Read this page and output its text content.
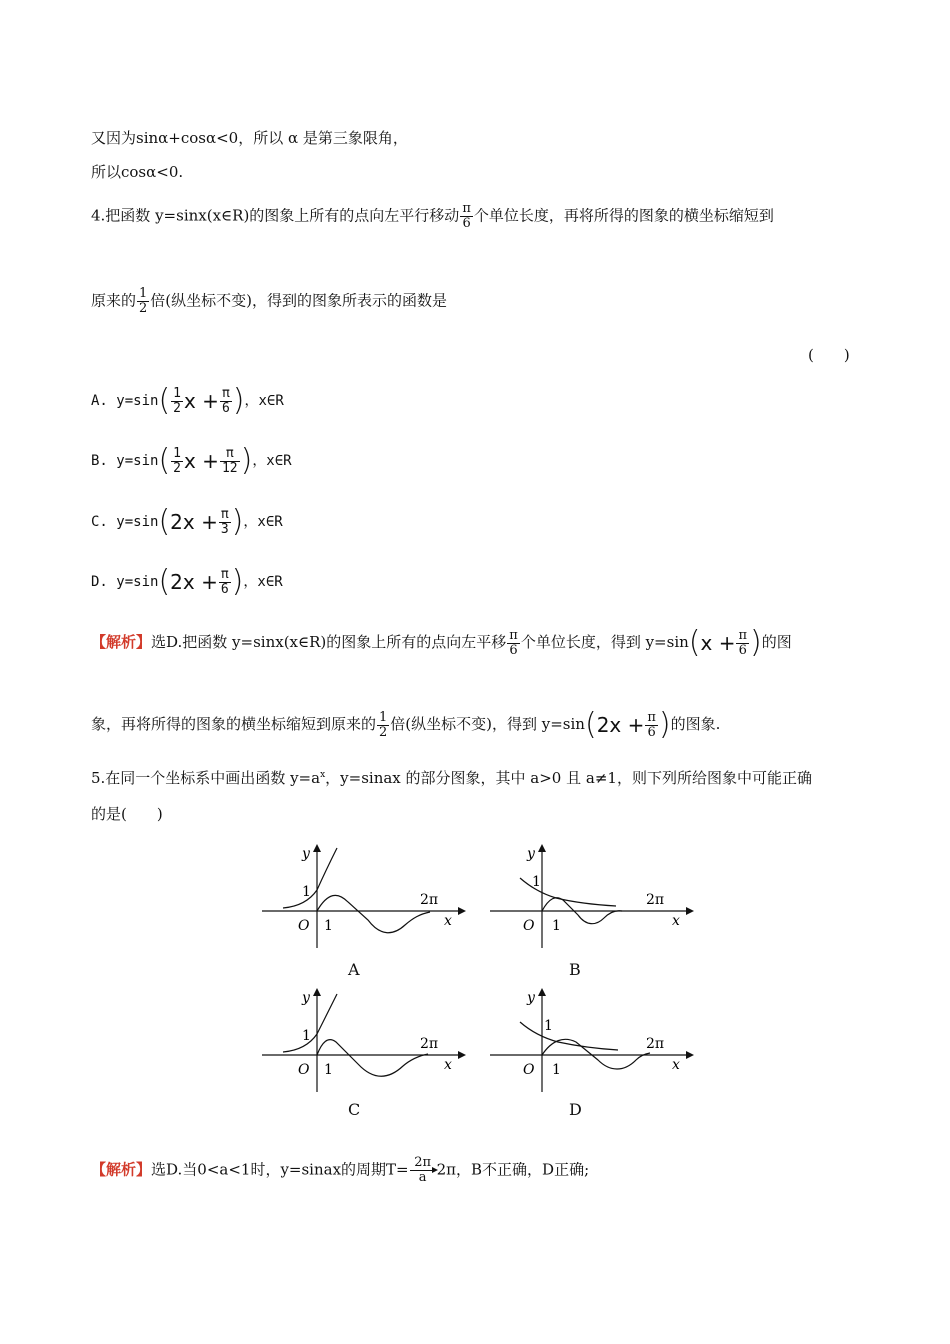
又因为sinα+cosα<0，所以 α 是第三象限角，
所以cosα<0.
4.把函数 y=sinx(x∈R)的图象上所有的点向左平行移动 $\frac{\pi}{6}$ 个单位长度，再将所得的图象的横坐标缩短到
原来的 $\frac{1}{2}$ 倍(纵坐标不变)，得到的图象所表示的函数是
(　　)
A. $y=\sin( \frac{1}{2}$ $x + \frac{\pi}{6}$ )，x∈R
B. $y=\sin( \frac{1}{2}$ $x + \frac{\pi}{12}$ )，x∈R
C. $y=\sin(2x + \frac{\pi}{3}$ )，x∈R
D. $y=\sin(2x + \frac{\pi}{6}$ )，x∈R
【解析】选D.把函数 y=sinx(x∈R)的图象上所有的点向左平移 $\frac{\pi}{6}$ 个单位长度，得到 $y=\sin(x + \frac{\pi}{6}$ )的图
象，再将所得的图象的横坐标缩短到原来的 $\frac{1}{2}$ 倍(纵坐标不变)，得到 $y=\sin(2x + \frac{\pi}{6}$ )的图象.
5.在同一个坐标系中画出函数 $y=a^x$，y=sinax 的部分图象，其中 a>0 且 a≠1，则下列所给图象中可能正确
的是(　　)
y
x
O 1
1	2π
A
y
x
O 1
1
2π
B
y
x
O 1
1	2π
C
y
x
O 1
1
2π
D
【解析】选D.当0<a<1时，y=sinax的周期$T= \frac{2\pi}{a} 2\pi$，B不正确，D正确;
